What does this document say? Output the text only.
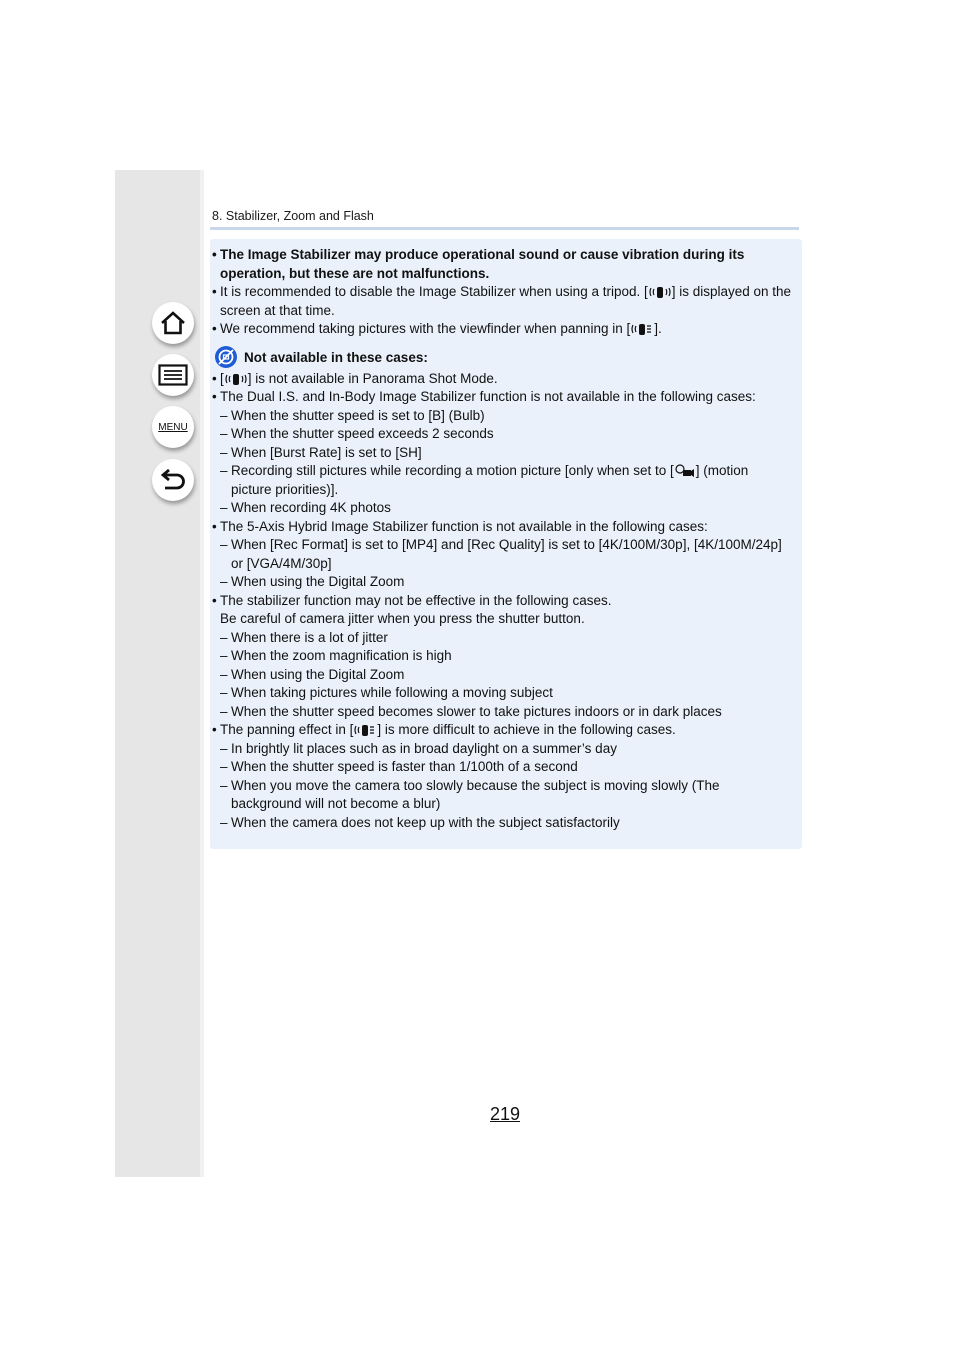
MENU
8. Stabilizer, Zoom and Flash
• The Image Stabilizer may produce operational sound or cause vibration during its
operation, but these are not malfunctions.
• It is recommended to disable the Image Stabilizer when using a tripod. [ ] is displayed on the
screen at that time.
• We recommend taking pictures with the viewfinder when panning in [ ].
Not available in these cases:
• [ ] is not available in Panorama Shot Mode.
• The Dual I.S. and In-Body Image Stabilizer function is not available in the following cases:
– When the shutter speed is set to [B] (Bulb)
– When the shutter speed exceeds 2 seconds
– When [Burst Rate] is set to [SH]
– Recording still pictures while recording a motion picture [only when set to [ ] (motion
picture priorities)].
– When recording 4K photos
• The 5-Axis Hybrid Image Stabilizer function is not available in the following cases:
– When [Rec Format] is set to [MP4] and [Rec Quality] is set to [4K/100M/30p], [4K/100M/24p]
or [VGA/4M/30p]
– When using the Digital Zoom
• The stabilizer function may not be effective in the following cases.
Be careful of camera jitter when you press the shutter button.
– When there is a lot of jitter
– When the zoom magnification is high
– When using the Digital Zoom
– When taking pictures while following a moving subject
– When the shutter speed becomes slower to take pictures indoors or in dark places
• The panning effect in [ ] is more difficult to achieve in the following cases.
– In brightly lit places such as in broad daylight on a summer’s day
– When the shutter speed is faster than 1/100th of a second
– When you move the camera too slowly because the subject is moving slowly (The
background will not become a blur)
– When the camera does not keep up with the subject satisfactorily
219
